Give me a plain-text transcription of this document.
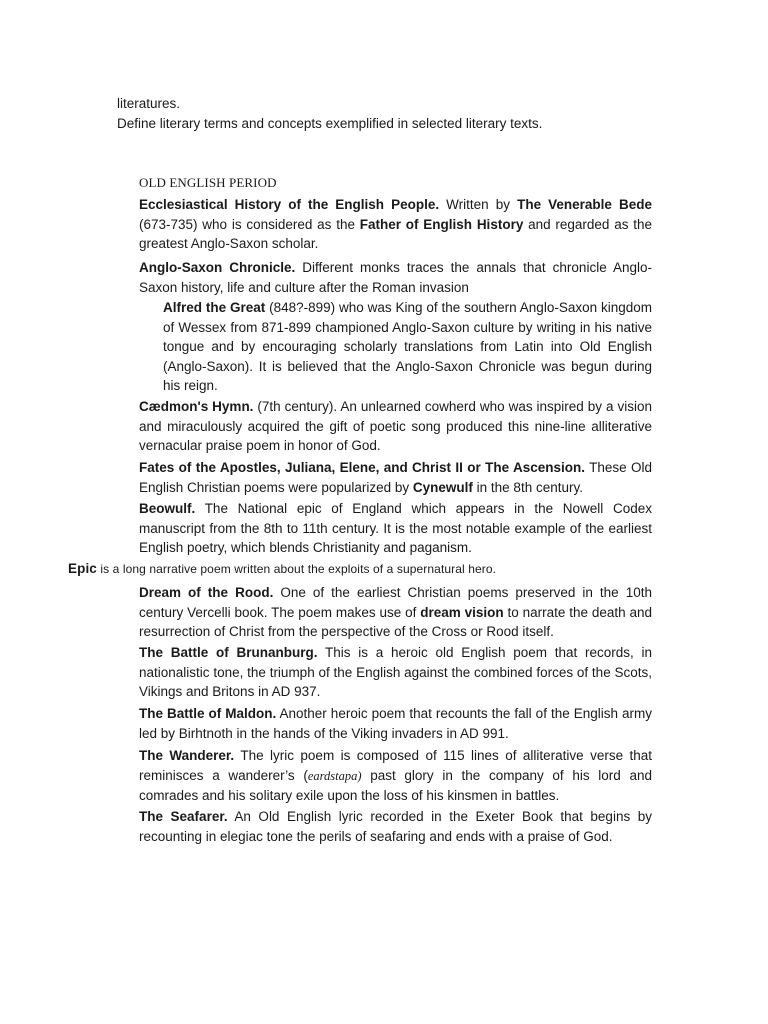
literatures.

Define literary terms and concepts exemplified in selected literary texts.

OLD ENGLISH PERIOD

Ecclesiastical History of the English People. Written by The Venerable Bede (673-735) who is considered as the Father of English History and regarded as the greatest Anglo-Saxon scholar.

Anglo-Saxon Chronicle. Different monks traces the annals that chronicle Anglo-Saxon history, life and culture after the Roman invasion

Alfred the Great (848?-899) who was King of the southern Anglo-Saxon kingdom of Wessex from 871-899 championed Anglo-Saxon culture by writing in his native tongue and by encouraging scholarly translations from Latin into Old English (Anglo-Saxon). It is believed that the Anglo-Saxon Chronicle was begun during his reign.

Cædmon's Hymn. (7th century). An unlearned cowherd who was inspired by a vision and miraculously acquired the gift of poetic song produced this nine-line alliterative vernacular praise poem in honor of God.

Fates of the Apostles, Juliana, Elene, and Christ II or The Ascension. These Old English Christian poems were popularized by Cynewulf in the 8th century.

Beowulf. The National epic of England which appears in the Nowell Codex manuscript from the 8th to 11th century. It is the most notable example of the earliest English poetry, which blends Christianity and paganism.

Epic is a long narrative poem written about the exploits of a supernatural hero.

Dream of the Rood. One of the earliest Christian poems preserved in the 10th century Vercelli book. The poem makes use of dream vision to narrate the death and resurrection of Christ from the perspective of the Cross or Rood itself.

The Battle of Brunanburg. This is a heroic old English poem that records, in nationalistic tone, the triumph of the English against the combined forces of the Scots, Vikings and Britons in AD 937.

The Battle of Maldon. Another heroic poem that recounts the fall of the English army led by Birhtnoth in the hands of the Viking invaders in AD 991.

The Wanderer. The lyric poem is composed of 115 lines of alliterative verse that reminisces a wanderer’s (eardstapa) past glory in the company of his lord and comrades and his solitary exile upon the loss of his kinsmen in battles.

The Seafarer. An Old English lyric recorded in the Exeter Book that begins by recounting in elegiac tone the perils of seafaring and ends with a praise of God.
